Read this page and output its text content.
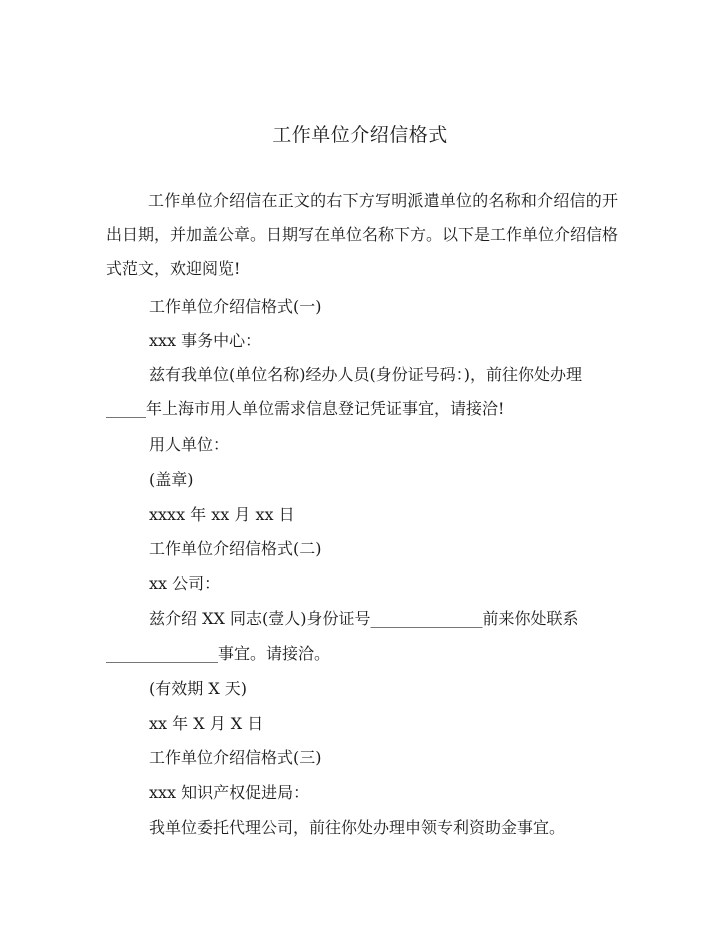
工作单位介绍信格式
工作单位介绍信在正文的右下方写明派遣单位的名称和介绍信的开出日期，并加盖公章。日期写在单位名称下方。以下是工作单位介绍信格式范文，欢迎阅览!
工作单位介绍信格式(一)
xxx 事务中心：
兹有我单位(单位名称)经办人员(身份证号码：)，前往你处办理
_____年上海市用人单位需求信息登记凭证事宜，请接洽!
用人单位：
(盖章)
xxxx 年 xx 月 xx 日
工作单位介绍信格式(二)
xx 公司：
兹介绍 XX 同志(壹人)身份证号______________前来你处联系
______________事宜。请接洽。
(有效期 X 天)
xx 年 X 月 X 日
工作单位介绍信格式(三)
xxx 知识产权促进局：
我单位委托代理公司，前往你处办理申领专利资助金事宜。
